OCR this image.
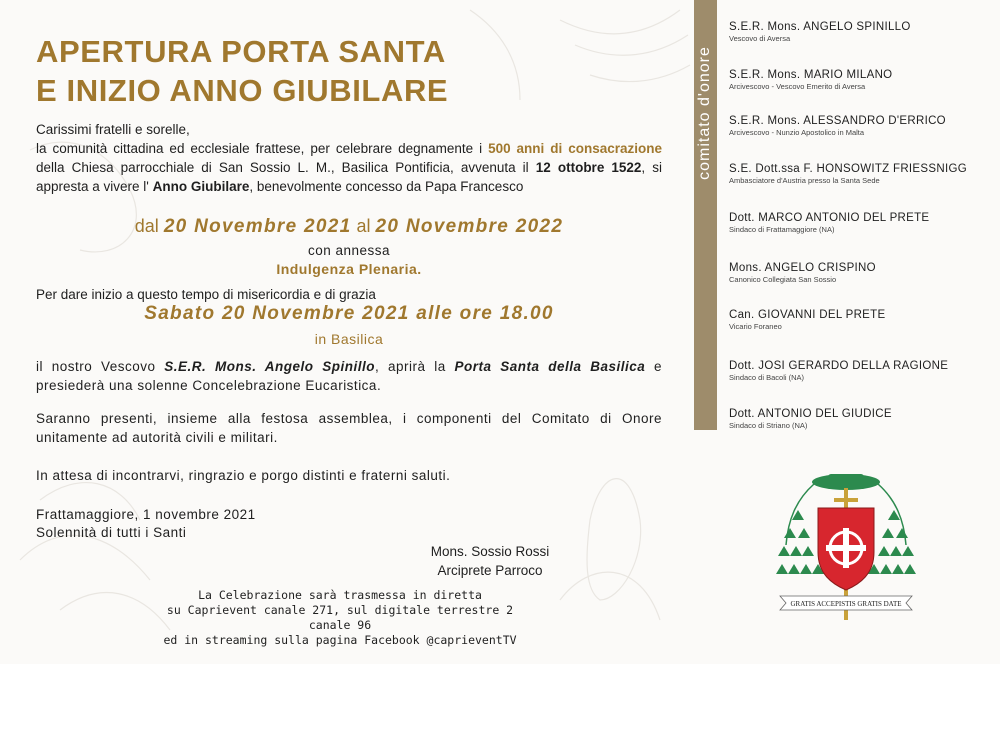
APERTURA PORTA SANTA
E INIZIO ANNO GIUBILARE
Carissimi fratelli e sorelle,
la comunità cittadina ed ecclesiale frattese, per celebrare degnamente i 500 anni di consacrazione della Chiesa parrocchiale di San Sossio L. M., Basilica Pontificia, avvenuta il 12 ottobre 1522, si appresta a vivere l' Anno Giubilare, benevolmente concesso da Papa Francesco
dal 20 Novembre 2021 al 20 Novembre 2022
con annessa
Indulgenza Plenaria.
Per dare inizio a questo tempo di misericordia e di grazia
Sabato 20 Novembre 2021 alle ore 18.00
in Basilica
il nostro Vescovo S.E.R. Mons. Angelo Spinillo, aprirà la Porta Santa della Basilica e presiederà una solenne Concelebrazione Eucaristica.
Saranno presenti, insieme alla festosa assemblea, i componenti del Comitato di Onore unitamente ad autorità civili e militari.
In attesa di incontrarvi, ringrazio e porgo distinti e fraterni saluti.
Frattamaggiore, 1 novembre 2021
Solennità di tutti i Santi
Mons. Sossio Rossi
Arciprete Parroco
La Celebrazione sarà trasmessa in diretta
su Caprievent canale 271, sul digitale terrestre 2 canale 96
ed in streaming sulla pagina Facebook @caprieventTV
comitato d'onore
S.E.R. Mons. ANGELO SPINILLO
Vescovo di Aversa
S.E.R. Mons. MARIO MILANO
Arcivescovo - Vescovo Emerito di Aversa
S.E.R. Mons. ALESSANDRO D'ERRICO
Arcivescovo - Nunzio Apostolico in Malta
S.E. Dott.ssa F. HONSOWITZ FRIESSNIGG
Ambasciatore d'Austria presso la Santa Sede
Dott. MARCO ANTONIO DEL PRETE
Sindaco di Frattamaggiore (NA)
Mons. ANGELO CRISPINO
Canonico Collegiata San Sossio
Can. GIOVANNI DEL PRETE
Vicario Foraneo
Dott. JOSI GERARDO DELLA RAGIONE
Sindaco di Bacoli (NA)
Dott. ANTONIO DEL GIUDICE
Sindaco di Striano (NA)
GRATIS ACCEPISTIS GRATIS DATE
